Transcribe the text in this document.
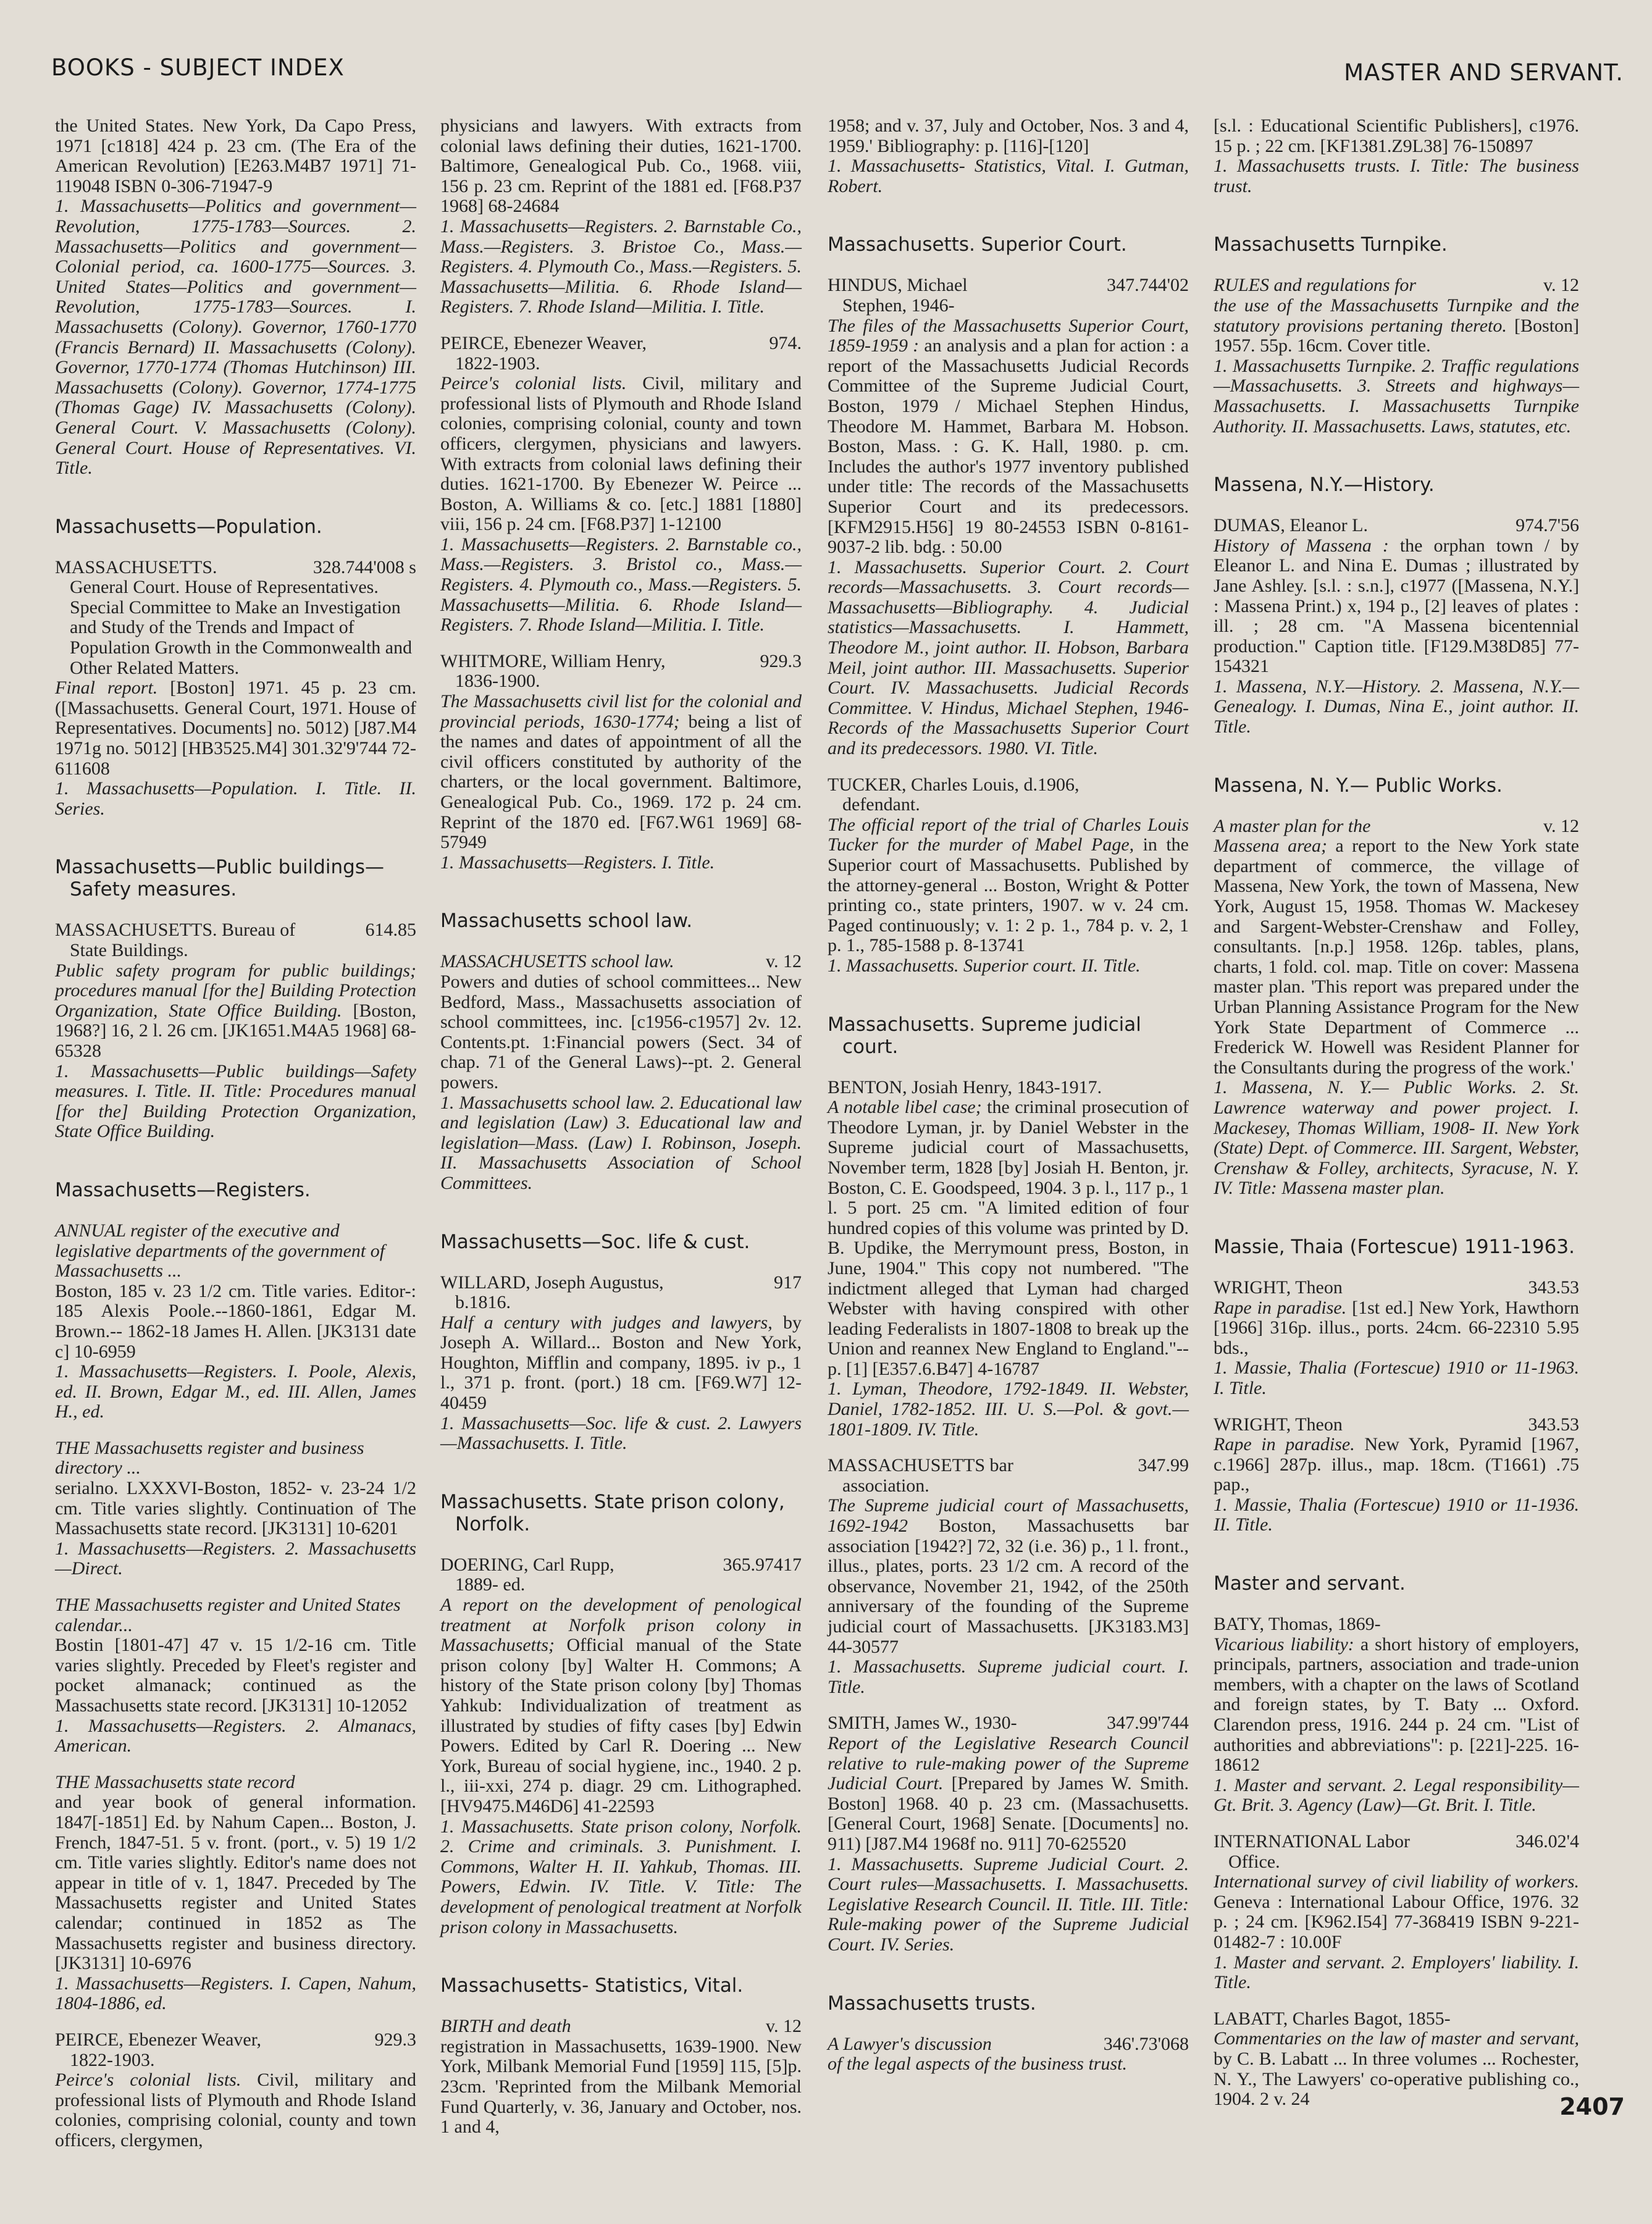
BOOKS - SUBJECT INDEX	MASTER AND SERVANT.
the United States. New York, Da Capo Press, 1971 [c1818] 424 p. 23 cm. (The Era of the American Revolution) [E263.M4B7 1971] 71-119048 ISBN 0-306-71947-9
1. Massachusetts—Politics and government—Revolution, 1775-1783—Sources. 2. Massachusetts—Politics and government—Colonial period, ca. 1600-1775—Sources. 3. United States—Politics and government—Revolution, 1775-1783—Sources. I. Massachusetts (Colony). Governor, 1760-1770 (Francis Bernard) II. Massachusetts (Colony). Governor, 1770-1774 (Thomas Hutchinson) III. Massachusetts (Colony). Governor, 1774-1775 (Thomas Gage) IV. Massachusetts (Colony). General Court. V. Massachusetts (Colony). General Court. House of Representatives. VI. Title.
Massachusetts—Population.
MASSACHUSETTS.	328.744'008 s
General Court. House of Representatives. Special Committee to Make an Investigation and Study of the Trends and Impact of Population Growth in the Commonwealth and Other Related Matters.
Final report. [Boston] 1971. 45 p. 23 cm. ([Massachusetts. General Court, 1971. House of Representatives. Documents] no. 5012) [J87.M4 1971g no. 5012] [HB3525.M4] 301.32'9'744 72-611608
1. Massachusetts—Population. I. Title. II. Series.
Massachusetts—Public buildings—Safety measures.
MASSACHUSETTS. Bureau of	614.85
State Buildings.
Public safety program for public buildings; procedures manual [for the] Building Protection Organization, State Office Building. [Boston, 1968?] 16, 2 l. 26 cm. [JK1651.M4A5 1968] 68-65328
1. Massachusetts—Public buildings—Safety measures. I. Title. II. Title: Procedures manual [for the] Building Protection Organization, State Office Building.
Massachusetts—Registers.
ANNUAL register of the executive and legislative departments of the government of Massachusetts ...
Boston, 185 v. 23 1/2 cm. Title varies. Editor-: 185 Alexis Poole.--1860-1861, Edgar M. Brown.-- 1862-18 James H. Allen. [JK3131 date c] 10-6959
1. Massachusetts—Registers. I. Poole, Alexis, ed. II. Brown, Edgar M., ed. III. Allen, James H., ed.
THE Massachusetts register and business directory ...
serialno. LXXXVI-Boston, 1852- v. 23-24 1/2 cm. Title varies slightly. Continuation of The Massachusetts state record. [JK3131] 10-6201
1. Massachusetts—Registers. 2. Massachusetts—Direct.
THE Massachusetts register and United States calendar...
Bostin [1801-47] 47 v. 15 1/2-16 cm. Title varies slightly. Preceded by Fleet's register and pocket almanack; continued as the Massachusetts state record. [JK3131] 10-12052
1. Massachusetts—Registers. 2. Almanacs, American.
THE Massachusetts state record
and year book of general information. 1847[-1851] Ed. by Nahum Capen... Boston, J. French, 1847-51. 5 v. front. (port., v. 5) 19 1/2 cm. Title varies slightly. Editor's name does not appear in title of v. 1, 1847. Preceded by The Massachusetts register and United States calendar; continued in 1852 as The Massachusetts register and business directory. [JK3131] 10-6976
1. Massachusetts—Registers. I. Capen, Nahum, 1804-1886, ed.
PEIRCE, Ebenezer Weaver,	929.3
1822-1903.
Peirce's colonial lists. Civil, military and professional lists of Plymouth and Rhode Island colonies, comprising colonial, county and town officers, clergymen,
physicians and lawyers. With extracts from colonial laws defining their duties, 1621-1700. Baltimore, Genealogical Pub. Co., 1968. viii, 156 p. 23 cm. Reprint of the 1881 ed. [F68.P37 1968] 68-24684
1. Massachusetts—Registers. 2. Barnstable Co., Mass.—Registers. 3. Bristoe Co., Mass.—Registers. 4. Plymouth Co., Mass.—Registers. 5. Massachusetts—Militia. 6. Rhode Island—Registers. 7. Rhode Island—Militia. I. Title.
PEIRCE, Ebenezer Weaver,	974.
1822-1903.
Peirce's colonial lists. Civil, military and professional lists of Plymouth and Rhode Island colonies, comprising colonial, county and town officers, clergymen, physicians and lawyers. With extracts from colonial laws defining their duties. 1621-1700. By Ebenezer W. Peirce ... Boston, A. Williams & co. [etc.] 1881 [1880] viii, 156 p. 24 cm. [F68.P37] 1-12100
1. Massachusetts—Registers. 2. Barnstable co., Mass.—Registers. 3. Bristol co., Mass.—Registers. 4. Plymouth co., Mass.—Registers. 5. Massachusetts—Militia. 6. Rhode Island—Registers. 7. Rhode Island—Militia. I. Title.
WHITMORE, William Henry,	929.3
1836-1900.
The Massachusetts civil list for the colonial and provincial periods, 1630-1774; being a list of the names and dates of appointment of all the civil officers constituted by authority of the charters, or the local government. Baltimore, Genealogical Pub. Co., 1969. 172 p. 24 cm. Reprint of the 1870 ed. [F67.W61 1969] 68-57949
1. Massachusetts—Registers. I. Title.
Massachusetts school law.
MASSACHUSETTS school law.	v. 12
Powers and duties of school committees... New Bedford, Mass., Massachusetts association of school committees, inc. [c1956-c1957] 2v. 12. Contents.pt. 1:Financial powers (Sect. 34 of chap. 71 of the General Laws)--pt. 2. General powers.
1. Massachusetts school law. 2. Educational law and legislation (Law) 3. Educational law and legislation—Mass. (Law) I. Robinson, Joseph. II. Massachusetts Association of School Committees.
Massachusetts—Soc. life & cust.
WILLARD, Joseph Augustus,	917
b.1816.
Half a century with judges and lawyers, by Joseph A. Willard... Boston and New York, Houghton, Mifflin and company, 1895. iv p., 1 l., 371 p. front. (port.) 18 cm. [F69.W7] 12-40459
1. Massachusetts—Soc. life & cust. 2. Lawyers—Massachusetts. I. Title.
Massachusetts. State prison colony, Norfolk.
DOERING, Carl Rupp,	365.97417
1889- ed.
A report on the development of penological treatment at Norfolk prison colony in Massachusetts; Official manual of the State prison colony [by] Walter H. Commons; A history of the State prison colony [by] Thomas Yahkub: Individualization of treatment as illustrated by studies of fifty cases [by] Edwin Powers. Edited by Carl R. Doering ... New York, Bureau of social hygiene, inc., 1940. 2 p. l., iii-xxi, 274 p. diagr. 29 cm. Lithographed. [HV9475.M46D6] 41-22593
1. Massachusetts. State prison colony, Norfolk. 2. Crime and criminals. 3. Punishment. I. Commons, Walter H. II. Yahkub, Thomas. III. Powers, Edwin. IV. Title. V. Title: The development of penological treatment at Norfolk prison colony in Massachusetts.
Massachusetts- Statistics, Vital.
BIRTH and death	v. 12
registration in Massachusetts, 1639-1900. New York, Milbank Memorial Fund [1959] 115, [5]p. 23cm. 'Reprinted from the Milbank Memorial Fund Quarterly, v. 36, January and October, nos. 1 and 4,
1958; and v. 37, July and October, Nos. 3 and 4, 1959.' Bibliography: p. [116]-[120]
1. Massachusetts- Statistics, Vital. I. Gutman, Robert.
Massachusetts. Superior Court.
HINDUS, Michael	347.744'02
Stephen, 1946-
The files of the Massachusetts Superior Court, 1859-1959 : an analysis and a plan for action : a report of the Massachusetts Judicial Records Committee of the Supreme Judicial Court, Boston, 1979 / Michael Stephen Hindus, Theodore M. Hammet, Barbara M. Hobson. Boston, Mass. : G. K. Hall, 1980. p. cm. Includes the author's 1977 inventory published under title: The records of the Massachusetts Superior Court and its predecessors. [KFM2915.H56] 19 80-24553 ISBN 0-8161-9037-2 lib. bdg. : 50.00
1. Massachusetts. Superior Court. 2. Court records—Massachusetts. 3. Court records—Massachusetts—Bibliography. 4. Judicial statistics—Massachusetts. I. Hammett, Theodore M., joint author. II. Hobson, Barbara Meil, joint author. III. Massachusetts. Superior Court. IV. Massachusetts. Judicial Records Committee. V. Hindus, Michael Stephen, 1946- Records of the Massachusetts Superior Court and its predecessors. 1980. VI. Title.
TUCKER, Charles Louis, d.1906,
defendant.
The official report of the trial of Charles Louis Tucker for the murder of Mabel Page, in the Superior court of Massachusetts. Published by the attorney-general ... Boston, Wright & Potter printing co., state printers, 1907. w v. 24 cm. Paged continuously; v. 1: 2 p. 1., 784 p. v. 2, 1 p. 1., 785-1588 p. 8-13741
1. Massachusetts. Superior court. II. Title.
Massachusetts. Supreme judicial court.
BENTON, Josiah Henry, 1843-1917.
A notable libel case; the criminal prosecution of Theodore Lyman, jr. by Daniel Webster in the Supreme judicial court of Massachusetts, November term, 1828 [by] Josiah H. Benton, jr. Boston, C. E. Goodspeed, 1904. 3 p. l., 117 p., 1 l. 5 port. 25 cm. "A limited edition of four hundred copies of this volume was printed by D. B. Updike, the Merrymount press, Boston, in June, 1904." This copy not numbered. "The indictment alleged that Lyman had charged Webster with having conspired with other leading Federalists in 1807-1808 to break up the Union and reannex New England to England."--p. [1] [E357.6.B47] 4-16787
1. Lyman, Theodore, 1792-1849. II. Webster, Daniel, 1782-1852. III. U. S.—Pol. & govt.—1801-1809. IV. Title.
MASSACHUSETTS bar	347.99
association.
The Supreme judicial court of Massachusetts, 1692-1942 Boston, Massachusetts bar association [1942?] 72, 32 (i.e. 36) p., 1 l. front., illus., plates, ports. 23 1/2 cm. A record of the observance, November 21, 1942, of the 250th anniversary of the founding of the Supreme judicial court of Massachusetts. [JK3183.M3] 44-30577
1. Massachusetts. Supreme judicial court. I. Title.
SMITH, James W., 1930-	347.99'744
Report of the Legislative Research Council relative to rule-making power of the Supreme Judicial Court. [Prepared by James W. Smith. Boston] 1968. 40 p. 23 cm. (Massachusetts. [General Court, 1968] Senate. [Documents] no. 911) [J87.M4 1968f no. 911] 70-625520
1. Massachusetts. Supreme Judicial Court. 2. Court rules—Massachusetts. I. Massachusetts. Legislative Research Council. II. Title. III. Title: Rule-making power of the Supreme Judicial Court. IV. Series.
Massachusetts trusts.
A Lawyer's discussion	346'.73'068
of the legal aspects of the business trust.
[s.l. : Educational Scientific Publishers], c1976. 15 p. ; 22 cm. [KF1381.Z9L38] 76-150897
1. Massachusetts trusts. I. Title: The business trust.
Massachusetts Turnpike.
RULES and regulations for	v. 12
the use of the Massachusetts Turnpike and the statutory provisions pertaning thereto. [Boston] 1957. 55p. 16cm. Cover title.
1. Massachusetts Turnpike. 2. Traffic regulations—Massachusetts. 3. Streets and highways— Massachusetts. I. Massachusetts Turnpike Authority. II. Massachusetts. Laws, statutes, etc.
Massena, N.Y.—History.
DUMAS, Eleanor L.	974.7'56
History of Massena : the orphan town / by Eleanor L. and Nina E. Dumas ; illustrated by Jane Ashley. [s.l. : s.n.], c1977 ([Massena, N.Y.] : Massena Print.) x, 194 p., [2] leaves of plates : ill. ; 28 cm. "A Massena bicentennial production." Caption title. [F129.M38D85] 77-154321
1. Massena, N.Y.—History. 2. Massena, N.Y.—Genealogy. I. Dumas, Nina E., joint author. II. Title.
Massena, N. Y.— Public Works.
A master plan for the	v. 12
Massena area; a report to the New York state department of commerce, the village of Massena, New York, the town of Massena, New York, August 15, 1958. Thomas W. Mackesey and Sargent-Webster-Crenshaw and Folley, consultants. [n.p.] 1958. 126p. tables, plans, charts, 1 fold. col. map. Title on cover: Massena master plan. 'This report was prepared under the Urban Planning Assistance Program for the New York State Department of Commerce ... Frederick W. Howell was Resident Planner for the Consultants during the progress of the work.'
1. Massena, N. Y.— Public Works. 2. St. Lawrence waterway and power project. I. Mackesey, Thomas William, 1908- II. New York (State) Dept. of Commerce. III. Sargent, Webster, Crenshaw & Folley, architects, Syracuse, N. Y. IV. Title: Massena master plan.
Massie, Thaia (Fortescue) 1911-1963.
WRIGHT, Theon	343.53
Rape in paradise. [1st ed.] New York, Hawthorn [1966] 316p. illus., ports. 24cm. 66-22310 5.95 bds.,
1. Massie, Thalia (Fortescue) 1910 or 11-1963. I. Title.
WRIGHT, Theon	343.53
Rape in paradise. New York, Pyramid [1967, c.1966] 287p. illus., map. 18cm. (T1661) .75 pap.,
1. Massie, Thalia (Fortescue) 1910 or 11-1936. II. Title.
Master and servant.
BATY, Thomas, 1869-
Vicarious liability: a short history of employers, principals, partners, association and trade-union members, with a chapter on the laws of Scotland and foreign states, by T. Baty ... Oxford. Clarendon press, 1916. 244 p. 24 cm. "List of authorities and abbreviations": p. [221]-225. 16-18612
1. Master and servant. 2. Legal responsibility—Gt. Brit. 3. Agency (Law)—Gt. Brit. I. Title.
INTERNATIONAL Labor	346.02'4
Office.
International survey of civil liability of workers. Geneva : International Labour Office, 1976. 32 p. ; 24 cm. [K962.I54] 77-368419 ISBN 9-221-01482-7 : 10.00F
1. Master and servant. 2. Employers' liability. I. Title.
LABATT, Charles Bagot, 1855-
Commentaries on the law of master and servant, by C. B. Labatt ... In three volumes ... Rochester, N. Y., The Lawyers' co-operative publishing co., 1904. 2 v. 24	2407
